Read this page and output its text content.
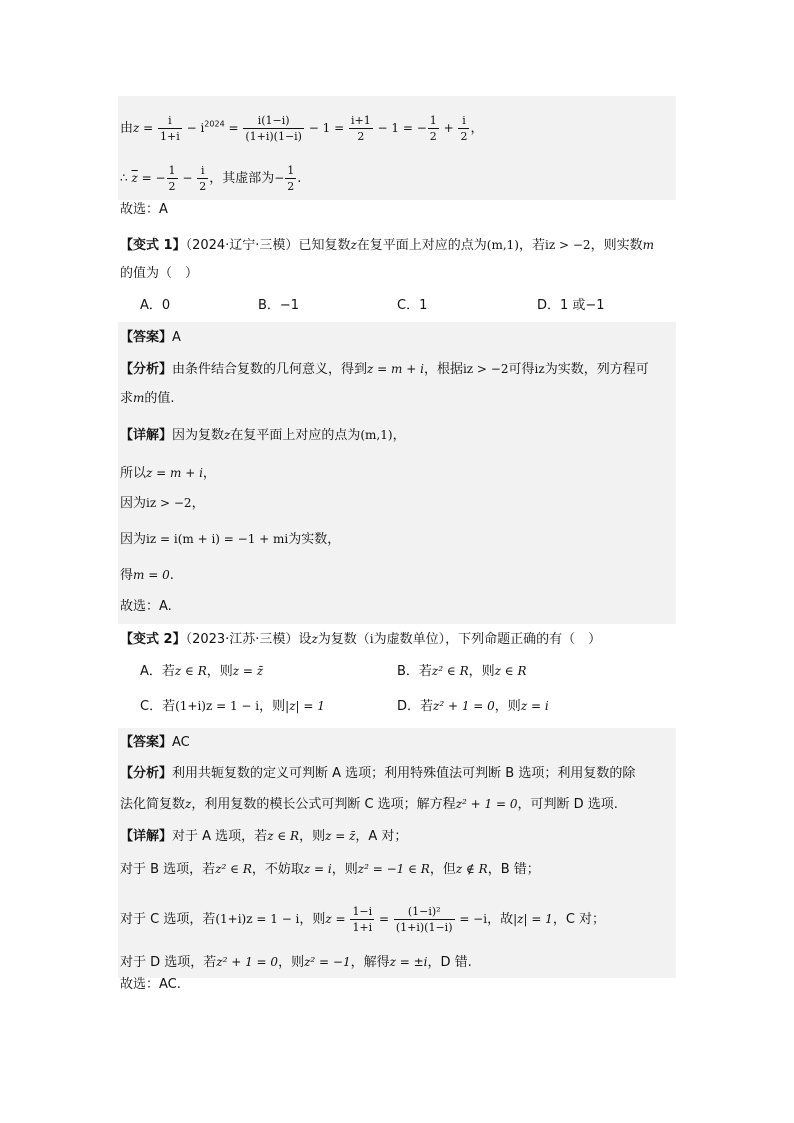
由$z = \frac{i}{1+i} - i^{2024} = \frac{i(1-i)}{(1+i)(1-i)} - 1 = \frac{i+1}{2} - 1$ = − $\frac{1}{2} + \frac{i}{2}$ ，
∴ $\overline{z}$ = − $\frac{1}{2} - \frac{i}{2}$ ，其虚部为− $\frac{1}{2}$ .
故选：A
【变式 1】（2024·辽宁·三模）已知复数z在复平面上对应的点为(m,1)，若iz > −2，则实数m
的值为（　）
A．0	B．−1	C．1	D．1 或−1
【答案】A
【分析】由条件结合复数的几何意义，得到z = m + i，根据iz > −2可得iz为实数，列方程可
求m的值.
【详解】因为复数z在复平面上对应的点为(m,1)，
所以z = m + i，
因为iz > −2，
因为iz = i(m + i) = −1 + mi为实数，
得m = 0.
故选：A.
【变式 2】（2023·江苏·三模）设z为复数（i为虚数单位），下列命题正确的有（　）
A．若z ∈ R，则z = z̄	B．若z² ∈ R，则z ∈ R
C．若(1+i)z = 1 − i，则|z| = 1	D．若z² + 1 = 0，则z = i
【答案】AC
【分析】利用共轭复数的定义可判断 A 选项；利用特殊值法可判断 B 选项；利用复数的除
法化简复数z，利用复数的模长公式可判断 C 选项；解方程z² + 1 = 0，可判断 D 选项.
【详解】对于 A 选项，若z ∈ R，则z = z̄，A 对；
对于 B 选项，若z² ∈ R，不妨取z = i，则z² = −1 ∈ R，但z ∉ R，B 错；
对于 C 选项，若(1+i)z = 1 − i，则$z = \frac{1-i}{1+i} = \frac{\text{(1−i)²}}{(1+i)(1-i)} = -i$，故|z| = 1，C 对；
对于 D 选项，若z² + 1 = 0，则z² = −1，解得z = ±i，D 错.
故选：AC.
